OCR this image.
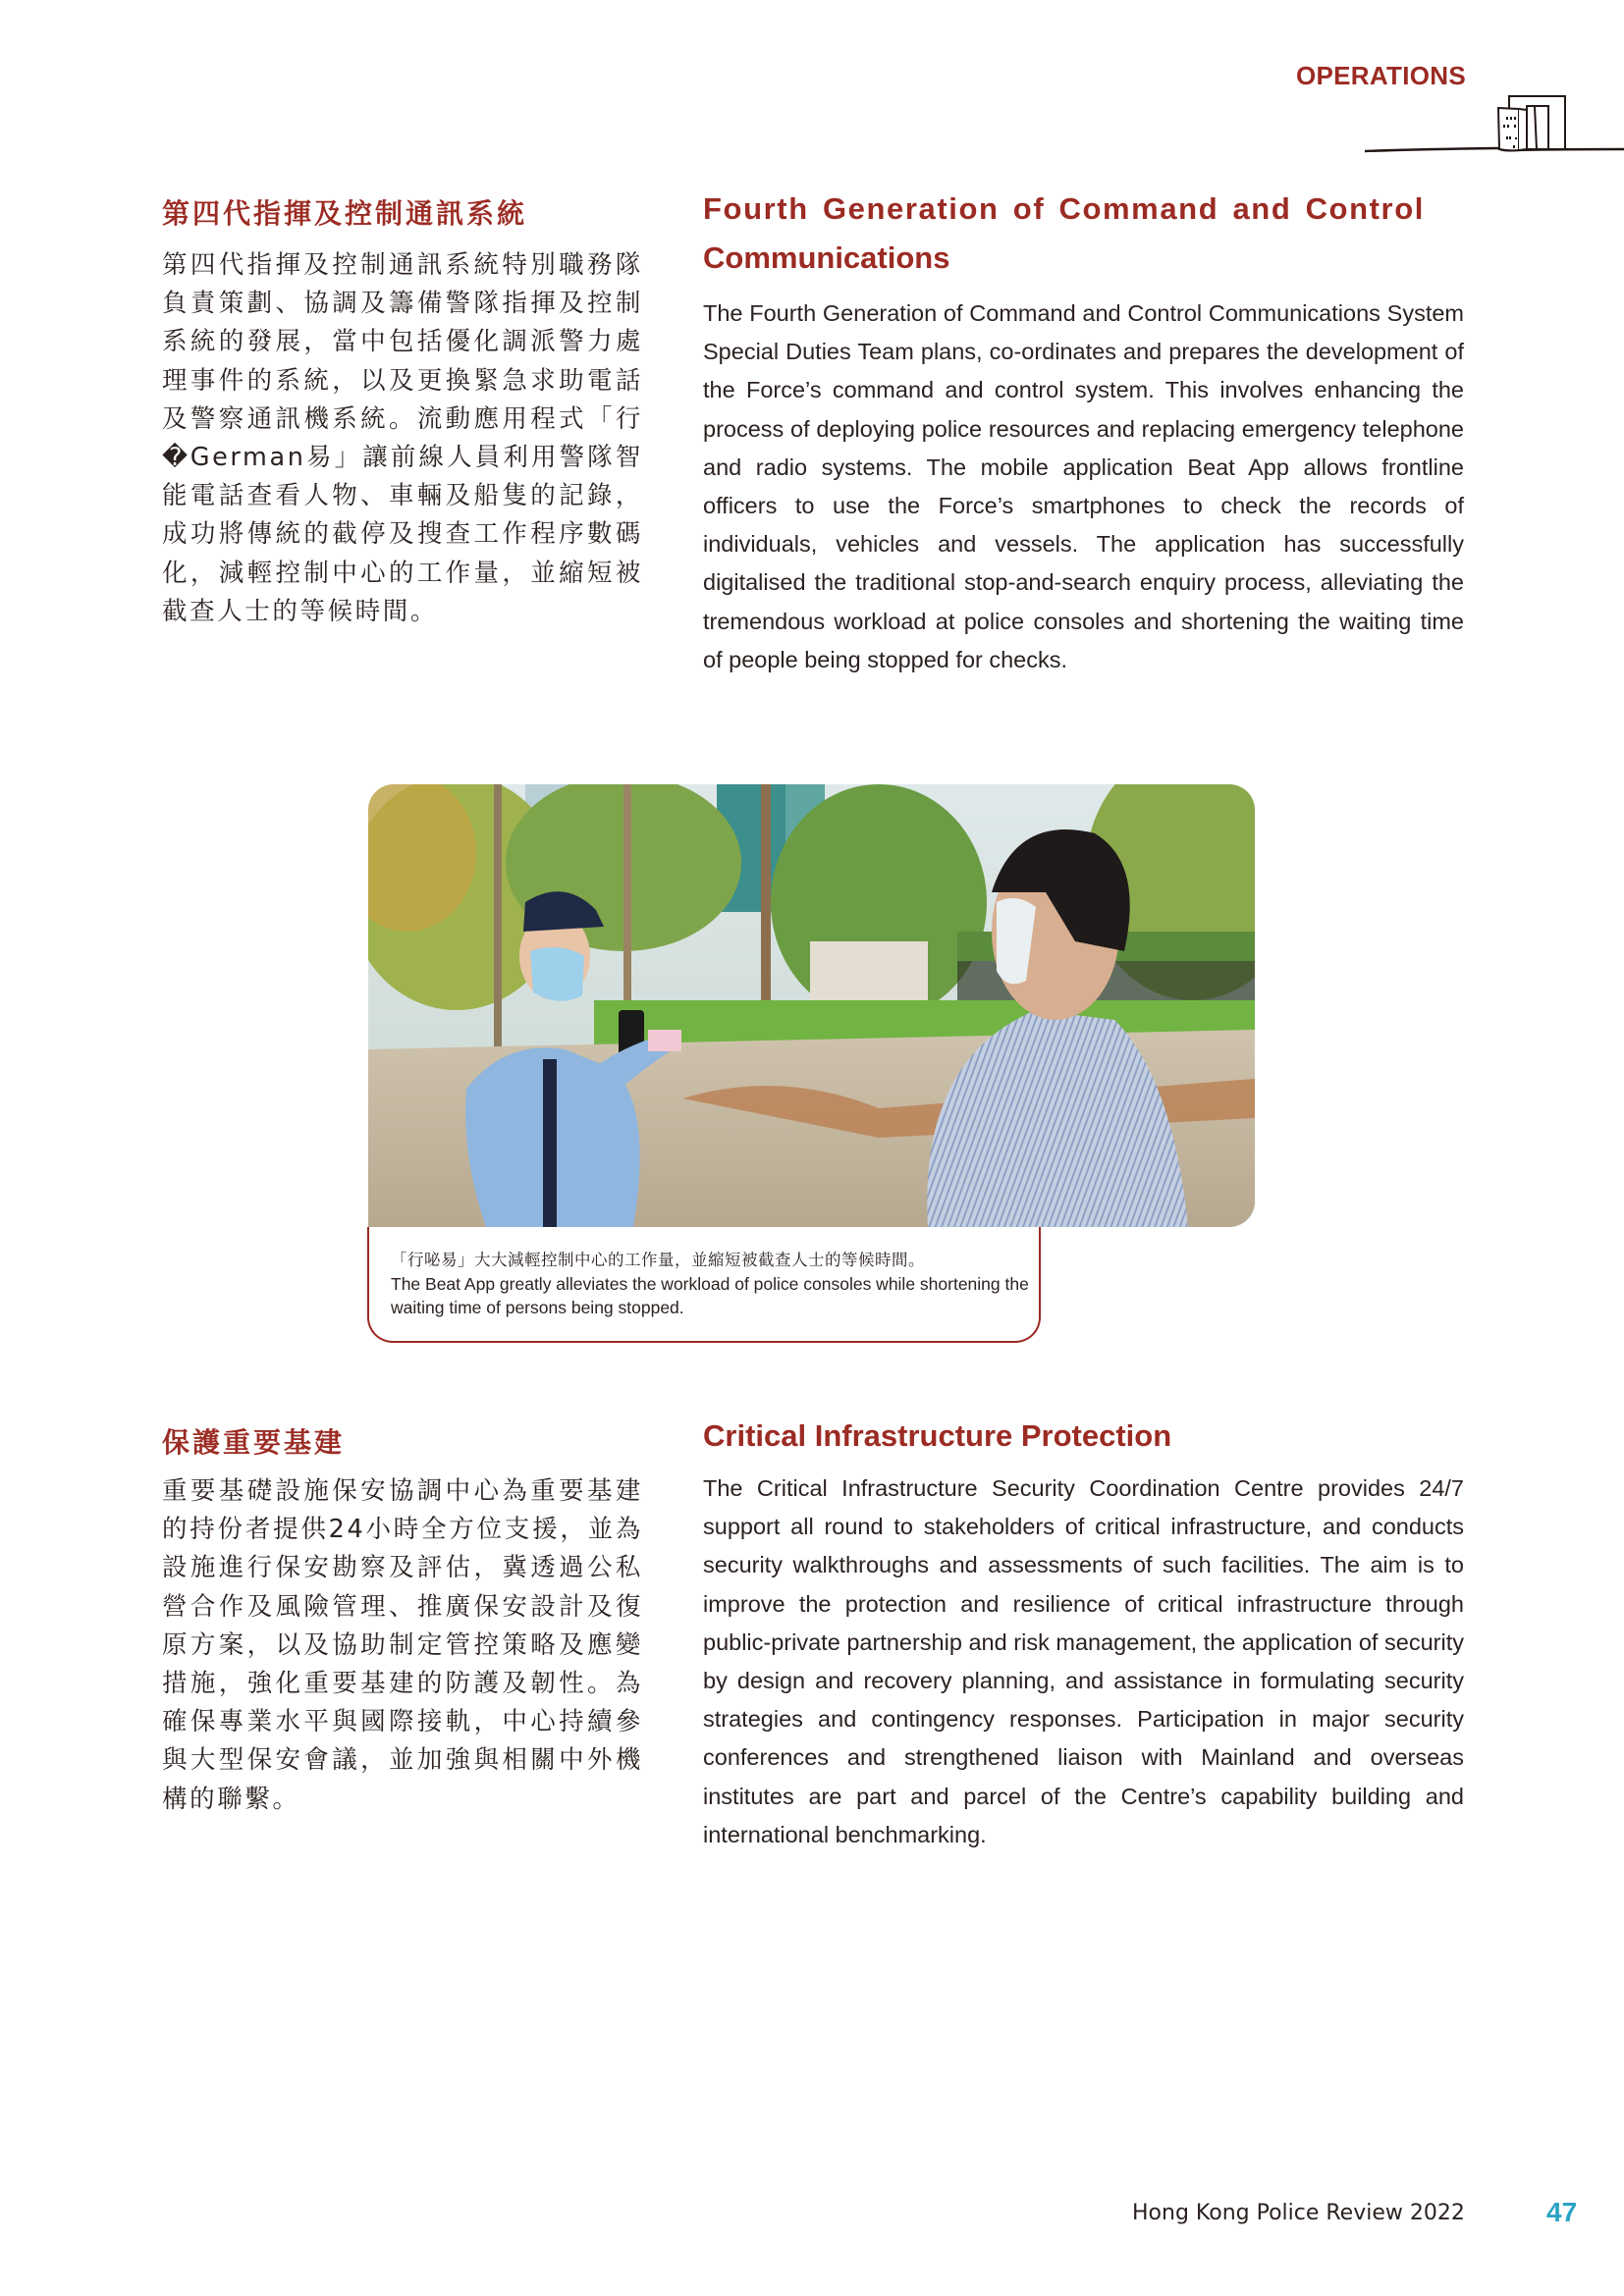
OPERATIONS
第四代指揮及控制通訊系統
第四代指揮及控制通訊系統特別職務隊負責策劃、協調及籌備警隊指揮及控制系統的發展，當中包括優化調派警力處理事件的系統，以及更換緊急求助電話及警察通訊機系統。流動應用程式「行�German易」讓前線人員利用警隊智能電話查看人物、車輛及船隻的記錄，成功將傳統的截停及搜查工作程序數碼化，減輕控制中心的工作量，並縮短被截查人士的等候時間。
Fourth Generation of Command and Control
Communications
The Fourth Generation of Command and Control Communications System Special Duties Team plans, co-ordinates and prepares the development of the Force’s command and control system. This involves enhancing the process of deploying police resources and replacing emergency telephone and radio systems. The mobile application Beat App allows frontline officers to use the Force’s smartphones to check the records of individuals, vehicles and vessels. The application has successfully digitalised the traditional stop-and-search enquiry process, alleviating the tremendous workload at police consoles and shortening the waiting time of people being stopped for checks.
「行咇易」大大減輕控制中心的工作量，並縮短被截查人士的等候時間。
The Beat App greatly alleviates the workload of police consoles while shortening the waiting time of persons being stopped.
保護重要基建
重要基礎設施保安協調中心為重要基建的持份者提供24小時全方位支援，並為設施進行保安勘察及評估，冀透過公私營合作及風險管理、推廣保安設計及復原方案，以及協助制定管控策略及應變措施，強化重要基建的防護及韌性。為確保專業水平與國際接軌，中心持續參與大型保安會議，並加強與相關中外機構的聯繫。
Critical Infrastructure Protection
The Critical Infrastructure Security Coordination Centre provides 24/7 support all round to stakeholders of critical infrastructure, and conducts security walkthroughs and assessments of such facilities. The aim is to improve the protection and resilience of critical infrastructure through public-private partnership and risk management, the application of security by design and recovery planning, and assistance in formulating security strategies and contingency responses. Participation in major security conferences and strengthened liaison with Mainland and overseas institutes are part and parcel of the Centre’s capability building and international benchmarking.
Hong Kong Police Review 2022	47
